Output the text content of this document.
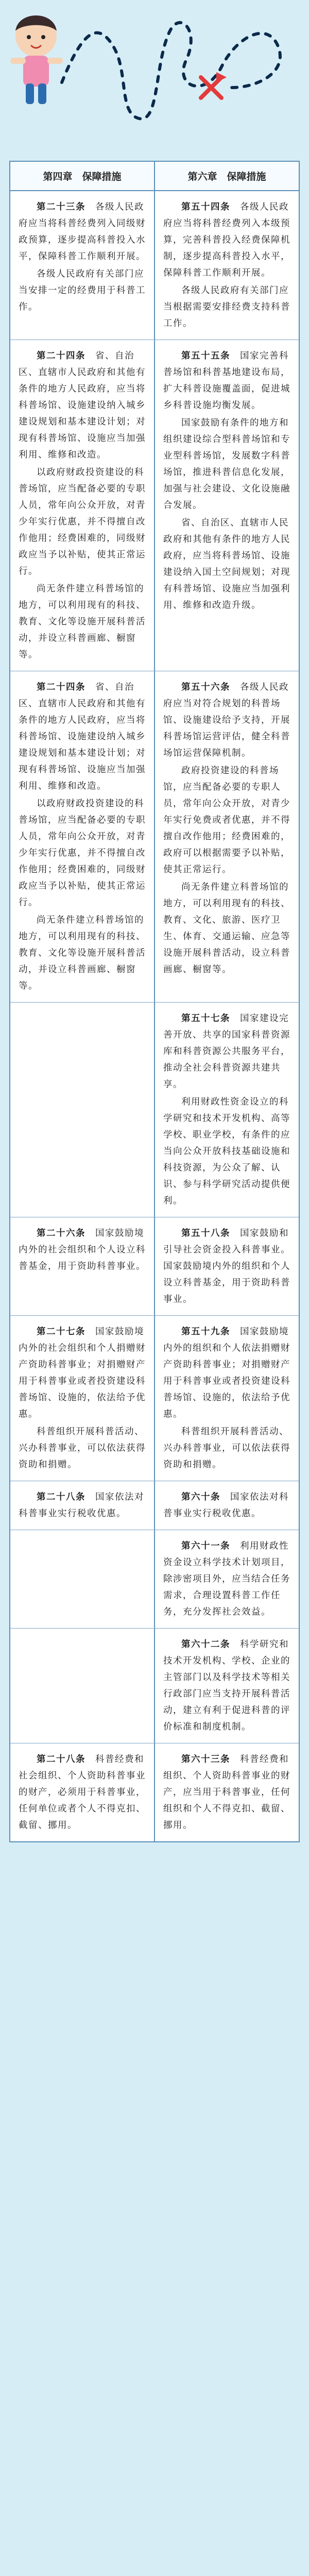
第四章　保障措施	第六章　保障措施

第二十三条　 各级人民政府应当将科普经费列入同级财政预算，逐步提高科普投入水平，保障科普工作顺利开展。

各级人民政府有关部门应当安排一定的经费用于科普工作。

第五十四条　 各级人民政府应当将科普经费列入本级预算，完善科普投入经费保障机制，逐步提高科普投入水平，保障科普工作顺利开展。

各级人民政府有关部门应当根据需要安排经费支持科普工作。

第二十四条　 省、自治区、直辖市人民政府和其他有条件的地方人民政府，应当将科普场馆、设施建设纳入城乡建设规划和基本建设计划；对现有科普场馆、设施应当加强利用、维修和改造。

以政府财政投资建设的科普场馆，应当配备必要的专职人员，常年向公众开放，对青少年实行优惠，并不得擅自改作他用；经费困难的，同级财政应当予以补贴，使其正常运行。

尚无条件建立科普场馆的地方，可以利用现有的科技、教育、文化等设施开展科普活动，并设立科普画廊、橱窗等。

第五十五条　 国家完善科普场馆和科普基地建设布局，扩大科普设施覆盖面，促进城乡科普设施均衡发展。

国家鼓励有条件的地方和组织建设综合型科普场馆和专业型科普场馆，发展数字科普场馆，推进科普信息化发展，加强与社会建设、文化设施融合发展。

省、自治区、直辖市人民政府和其他有条件的地方人民政府，应当将科普场馆、设施建设纳入国土空间规划；对现有科普场馆、设施应当加强利用、维修和改造升级。

第二十四条　 省、自治区、直辖市人民政府和其他有条件的地方人民政府，应当将科普场馆、设施建设纳入城乡建设规划和基本建设计划；对现有科普场馆、设施应当加强利用、维修和改造。

以政府财政投资建设的科普场馆，应当配备必要的专职人员，常年向公众开放，对青少年实行优惠，并不得擅自改作他用；经费困难的，同级财政应当予以补贴，使其正常运行。

尚无条件建立科普场馆的地方，可以利用现有的科技、教育、文化等设施开展科普活动，并设立科普画廊、橱窗等。

第五十六条　 各级人民政府应当对符合规划的科普场馆、设施建设给予支持，开展科普场馆运营评估，健全科普场馆运营保障机制。

政府投资建设的科普场馆，应当配备必要的专职人员，常年向公众开放，对青少年实行免费或者优惠，并不得擅自改作他用；经费困难的，政府可以根据需要予以补贴，使其正常运行。

尚无条件建立科普场馆的地方，可以利用现有的科技、教育、文化、旅游、医疗卫生、体育、交通运输、应急等设施开展科普活动，设立科普画廊、橱窗等。

第五十七条　 国家建设完善开放、共享的国家科普资源库和科普资源公共服务平台，推动全社会科普资源共建共享。

利用财政性资金设立的科学研究和技术开发机构、高等学校、职业学校，有条件的应当向公众开放科技基础设施和科技资源，为公众了解、认识、参与科学研究活动提供便利。

第二十六条　 国家鼓励境内外的社会组织和个人设立科普基金，用于资助科普事业。

第五十八条　 国家鼓励和引导社会资金投入科普事业。国家鼓励境内外的组织和个人设立科普基金，用于资助科普事业。

第二十七条　 国家鼓励境内外的社会组织和个人捐赠财产资助科普事业；对捐赠财产用于科普事业或者投资建设科普场馆、设施的，依法给予优惠。

科普组织开展科普活动、兴办科普事业，可以依法获得资助和捐赠。

第五十九条　 国家鼓励境内外的组织和个人依法捐赠财产资助科普事业；对捐赠财产用于科普事业或者投资建设科普场馆、设施的，依法给予优惠。

科普组织开展科普活动、兴办科普事业，可以依法获得资助和捐赠。

第二十八条　 国家依法对科普事业实行税收优惠。

第六十条　 国家依法对科普事业实行税收优惠。

第六十一条　 利用财政性资金设立科学技术计划项目，除涉密项目外，应当结合任务需求，合理设置科普工作任务，充分发挥社会效益。

第六十二条　 科学研究和技术开发机构、学校、企业的主管部门以及科学技术等相关行政部门应当支持开展科普活动，建立有利于促进科普的评价标准和制度机制。

第二十八条　 科普经费和社会组织、个人资助科普事业的财产，必须用于科普事业，任何单位或者个人不得克扣、截留、挪用。

第六十三条　 科普经费和组织、个人资助科普事业的财产，应当用于科普事业，任何组织和个人不得克扣、截留、挪用。
